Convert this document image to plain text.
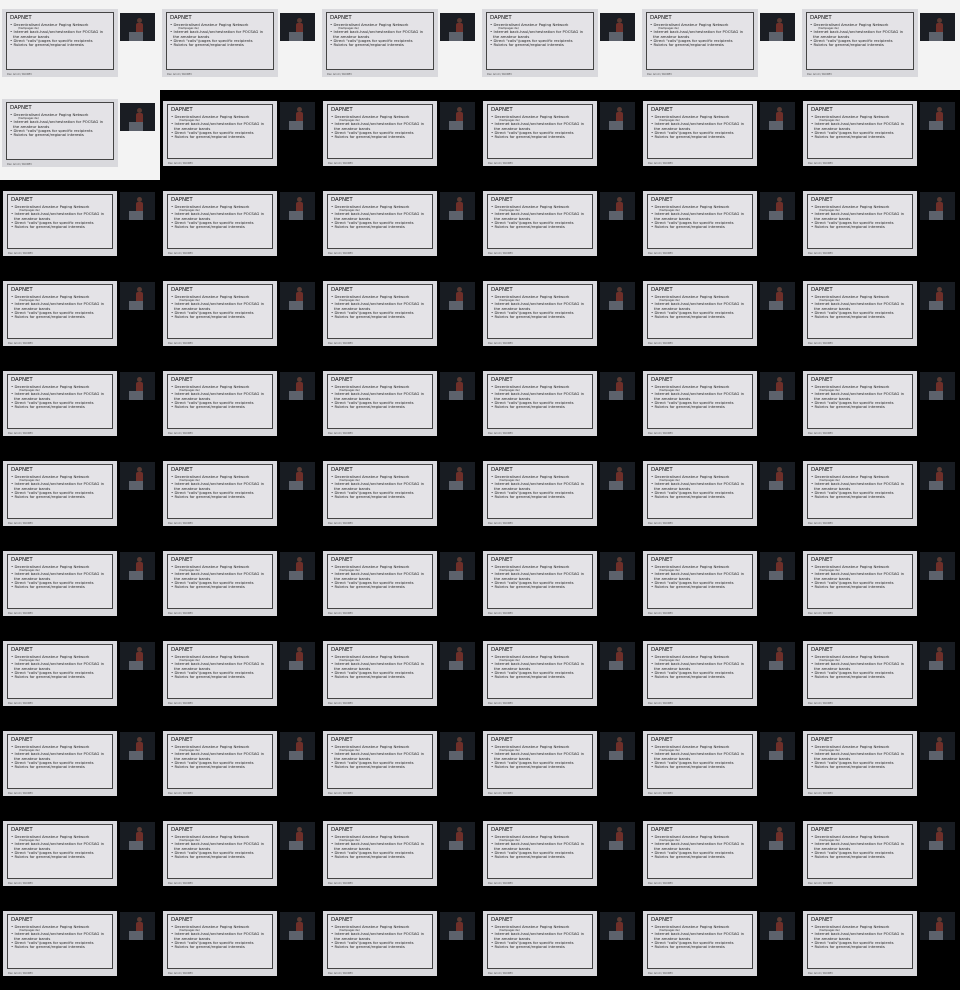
DAPNET

• Decentralised Amateur Paging Network

(hampager.de)

• Internet back-haul/orchestration for POCSAG in

the amateur bands

• Direct "calls"/pages for specific recipients

• Rubrics for general/regional interests

Dan Arnot / PA0DEV

DAPNET

• Decentralised Amateur Paging Network

(hampager.de)

• Internet back-haul/orchestration for POCSAG in

the amateur bands

• Direct "calls"/pages for specific recipients

• Rubrics for general/regional interests

Dan Arnot / PA0DEV

DAPNET

• Decentralised Amateur Paging Network

(hampager.de)

• Internet back-haul/orchestration for POCSAG in

the amateur bands

• Direct "calls"/pages for specific recipients

• Rubrics for general/regional interests

Dan Arnot / PA0DEV

DAPNET

• Decentralised Amateur Paging Network

(hampager.de)

• Internet back-haul/orchestration for POCSAG in

the amateur bands

• Direct "calls"/pages for specific recipients

• Rubrics for general/regional interests

Dan Arnot / PA0DEV

DAPNET

• Decentralised Amateur Paging Network

(hampager.de)

• Internet back-haul/orchestration for POCSAG in

the amateur bands

• Direct "calls"/pages for specific recipients

• Rubrics for general/regional interests

Dan Arnot / PA0DEV

DAPNET

• Decentralised Amateur Paging Network

(hampager.de)

• Internet back-haul/orchestration for POCSAG in

the amateur bands

• Direct "calls"/pages for specific recipients

• Rubrics for general/regional interests

Dan Arnot / PA0DEV

DAPNET

• Decentralised Amateur Paging Network

(hampager.de)

• Internet back-haul/orchestration for POCSAG in

the amateur bands

• Direct "calls"/pages for specific recipients

• Rubrics for general/regional interests

Dan Arnot / PA0DEV

DAPNET

• Decentralised Amateur Paging Network

(hampager.de)

• Internet back-haul/orchestration for POCSAG in

the amateur bands

• Direct "calls"/pages for specific recipients

• Rubrics for general/regional interests

Dan Arnot / PA0DEV

DAPNET

• Decentralised Amateur Paging Network

(hampager.de)

• Internet back-haul/orchestration for POCSAG in

the amateur bands

• Direct "calls"/pages for specific recipients

• Rubrics for general/regional interests

Dan Arnot / PA0DEV

DAPNET

• Decentralised Amateur Paging Network

(hampager.de)

• Internet back-haul/orchestration for POCSAG in

the amateur bands

• Direct "calls"/pages for specific recipients

• Rubrics for general/regional interests

Dan Arnot / PA0DEV

DAPNET

• Decentralised Amateur Paging Network

(hampager.de)

• Internet back-haul/orchestration for POCSAG in

the amateur bands

• Direct "calls"/pages for specific recipients

• Rubrics for general/regional interests

Dan Arnot / PA0DEV

DAPNET

• Decentralised Amateur Paging Network

(hampager.de)

• Internet back-haul/orchestration for POCSAG in

the amateur bands

• Direct "calls"/pages for specific recipients

• Rubrics for general/regional interests

Dan Arnot / PA0DEV

DAPNET

• Decentralised Amateur Paging Network

(hampager.de)

• Internet back-haul/orchestration for POCSAG in

the amateur bands

• Direct "calls"/pages for specific recipients

• Rubrics for general/regional interests

Dan Arnot / PA0DEV

DAPNET

• Decentralised Amateur Paging Network

(hampager.de)

• Internet back-haul/orchestration for POCSAG in

the amateur bands

• Direct "calls"/pages for specific recipients

• Rubrics for general/regional interests

Dan Arnot / PA0DEV

DAPNET

• Decentralised Amateur Paging Network

(hampager.de)

• Internet back-haul/orchestration for POCSAG in

the amateur bands

• Direct "calls"/pages for specific recipients

• Rubrics for general/regional interests

Dan Arnot / PA0DEV

DAPNET

• Decentralised Amateur Paging Network

(hampager.de)

• Internet back-haul/orchestration for POCSAG in

the amateur bands

• Direct "calls"/pages for specific recipients

• Rubrics for general/regional interests

Dan Arnot / PA0DEV

DAPNET

• Decentralised Amateur Paging Network

(hampager.de)

• Internet back-haul/orchestration for POCSAG in

the amateur bands

• Direct "calls"/pages for specific recipients

• Rubrics for general/regional interests

Dan Arnot / PA0DEV

DAPNET

• Decentralised Amateur Paging Network

(hampager.de)

• Internet back-haul/orchestration for POCSAG in

the amateur bands

• Direct "calls"/pages for specific recipients

• Rubrics for general/regional interests

Dan Arnot / PA0DEV

DAPNET

• Decentralised Amateur Paging Network

(hampager.de)

• Internet back-haul/orchestration for POCSAG in

the amateur bands

• Direct "calls"/pages for specific recipients

• Rubrics for general/regional interests

Dan Arnot / PA0DEV

DAPNET

• Decentralised Amateur Paging Network

(hampager.de)

• Internet back-haul/orchestration for POCSAG in

the amateur bands

• Direct "calls"/pages for specific recipients

• Rubrics for general/regional interests

Dan Arnot / PA0DEV

DAPNET

• Decentralised Amateur Paging Network

(hampager.de)

• Internet back-haul/orchestration for POCSAG in

the amateur bands

• Direct "calls"/pages for specific recipients

• Rubrics for general/regional interests

Dan Arnot / PA0DEV

DAPNET

• Decentralised Amateur Paging Network

(hampager.de)

• Internet back-haul/orchestration for POCSAG in

the amateur bands

• Direct "calls"/pages for specific recipients

• Rubrics for general/regional interests

Dan Arnot / PA0DEV

DAPNET

• Decentralised Amateur Paging Network

(hampager.de)

• Internet back-haul/orchestration for POCSAG in

the amateur bands

• Direct "calls"/pages for specific recipients

• Rubrics for general/regional interests

Dan Arnot / PA0DEV

DAPNET

• Decentralised Amateur Paging Network

(hampager.de)

• Internet back-haul/orchestration for POCSAG in

the amateur bands

• Direct "calls"/pages for specific recipients

• Rubrics for general/regional interests

Dan Arnot / PA0DEV

DAPNET

• Decentralised Amateur Paging Network

(hampager.de)

• Internet back-haul/orchestration for POCSAG in

the amateur bands

• Direct "calls"/pages for specific recipients

• Rubrics for general/regional interests

Dan Arnot / PA0DEV

DAPNET

• Decentralised Amateur Paging Network

(hampager.de)

• Internet back-haul/orchestration for POCSAG in

the amateur bands

• Direct "calls"/pages for specific recipients

• Rubrics for general/regional interests

Dan Arnot / PA0DEV

DAPNET

• Decentralised Amateur Paging Network

(hampager.de)

• Internet back-haul/orchestration for POCSAG in

the amateur bands

• Direct "calls"/pages for specific recipients

• Rubrics for general/regional interests

Dan Arnot / PA0DEV

DAPNET

• Decentralised Amateur Paging Network

(hampager.de)

• Internet back-haul/orchestration for POCSAG in

the amateur bands

• Direct "calls"/pages for specific recipients

• Rubrics for general/regional interests

Dan Arnot / PA0DEV

DAPNET

• Decentralised Amateur Paging Network

(hampager.de)

• Internet back-haul/orchestration for POCSAG in

the amateur bands

• Direct "calls"/pages for specific recipients

• Rubrics for general/regional interests

Dan Arnot / PA0DEV

DAPNET

• Decentralised Amateur Paging Network

(hampager.de)

• Internet back-haul/orchestration for POCSAG in

the amateur bands

• Direct "calls"/pages for specific recipients

• Rubrics for general/regional interests

Dan Arnot / PA0DEV

DAPNET

• Decentralised Amateur Paging Network

(hampager.de)

• Internet back-haul/orchestration for POCSAG in

the amateur bands

• Direct "calls"/pages for specific recipients

• Rubrics for general/regional interests

Dan Arnot / PA0DEV

DAPNET

• Decentralised Amateur Paging Network

(hampager.de)

• Internet back-haul/orchestration for POCSAG in

the amateur bands

• Direct "calls"/pages for specific recipients

• Rubrics for general/regional interests

Dan Arnot / PA0DEV

DAPNET

• Decentralised Amateur Paging Network

(hampager.de)

• Internet back-haul/orchestration for POCSAG in

the amateur bands

• Direct "calls"/pages for specific recipients

• Rubrics for general/regional interests

Dan Arnot / PA0DEV

DAPNET

• Decentralised Amateur Paging Network

(hampager.de)

• Internet back-haul/orchestration for POCSAG in

the amateur bands

• Direct "calls"/pages for specific recipients

• Rubrics for general/regional interests

Dan Arnot / PA0DEV

DAPNET

• Decentralised Amateur Paging Network

(hampager.de)

• Internet back-haul/orchestration for POCSAG in

the amateur bands

• Direct "calls"/pages for specific recipients

• Rubrics for general/regional interests

Dan Arnot / PA0DEV

DAPNET

• Decentralised Amateur Paging Network

(hampager.de)

• Internet back-haul/orchestration for POCSAG in

the amateur bands

• Direct "calls"/pages for specific recipients

• Rubrics for general/regional interests

Dan Arnot / PA0DEV

DAPNET

• Decentralised Amateur Paging Network

(hampager.de)

• Internet back-haul/orchestration for POCSAG in

the amateur bands

• Direct "calls"/pages for specific recipients

• Rubrics for general/regional interests

Dan Arnot / PA0DEV

DAPNET

• Decentralised Amateur Paging Network

(hampager.de)

• Internet back-haul/orchestration for POCSAG in

the amateur bands

• Direct "calls"/pages for specific recipients

• Rubrics for general/regional interests

Dan Arnot / PA0DEV

DAPNET

• Decentralised Amateur Paging Network

(hampager.de)

• Internet back-haul/orchestration for POCSAG in

the amateur bands

• Direct "calls"/pages for specific recipients

• Rubrics for general/regional interests

Dan Arnot / PA0DEV

DAPNET

• Decentralised Amateur Paging Network

(hampager.de)

• Internet back-haul/orchestration for POCSAG in

the amateur bands

• Direct "calls"/pages for specific recipients

• Rubrics for general/regional interests

Dan Arnot / PA0DEV

DAPNET

• Decentralised Amateur Paging Network

(hampager.de)

• Internet back-haul/orchestration for POCSAG in

the amateur bands

• Direct "calls"/pages for specific recipients

• Rubrics for general/regional interests

Dan Arnot / PA0DEV

DAPNET

• Decentralised Amateur Paging Network

(hampager.de)

• Internet back-haul/orchestration for POCSAG in

the amateur bands

• Direct "calls"/pages for specific recipients

• Rubrics for general/regional interests

Dan Arnot / PA0DEV

DAPNET

• Decentralised Amateur Paging Network

(hampager.de)

• Internet back-haul/orchestration for POCSAG in

the amateur bands

• Direct "calls"/pages for specific recipients

• Rubrics for general/regional interests

Dan Arnot / PA0DEV

DAPNET

• Decentralised Amateur Paging Network

(hampager.de)

• Internet back-haul/orchestration for POCSAG in

the amateur bands

• Direct "calls"/pages for specific recipients

• Rubrics for general/regional interests

Dan Arnot / PA0DEV

DAPNET

• Decentralised Amateur Paging Network

(hampager.de)

• Internet back-haul/orchestration for POCSAG in

the amateur bands

• Direct "calls"/pages for specific recipients

• Rubrics for general/regional interests

Dan Arnot / PA0DEV

DAPNET

• Decentralised Amateur Paging Network

(hampager.de)

• Internet back-haul/orchestration for POCSAG in

the amateur bands

• Direct "calls"/pages for specific recipients

• Rubrics for general/regional interests

Dan Arnot / PA0DEV

DAPNET

• Decentralised Amateur Paging Network

(hampager.de)

• Internet back-haul/orchestration for POCSAG in

the amateur bands

• Direct "calls"/pages for specific recipients

• Rubrics for general/regional interests

Dan Arnot / PA0DEV

DAPNET

• Decentralised Amateur Paging Network

(hampager.de)

• Internet back-haul/orchestration for POCSAG in

the amateur bands

• Direct "calls"/pages for specific recipients

• Rubrics for general/regional interests

Dan Arnot / PA0DEV

DAPNET

• Decentralised Amateur Paging Network

(hampager.de)

• Internet back-haul/orchestration for POCSAG in

the amateur bands

• Direct "calls"/pages for specific recipients

• Rubrics for general/regional interests

Dan Arnot / PA0DEV

DAPNET

• Decentralised Amateur Paging Network

(hampager.de)

• Internet back-haul/orchestration for POCSAG in

the amateur bands

• Direct "calls"/pages for specific recipients

• Rubrics for general/regional interests

Dan Arnot / PA0DEV

DAPNET

• Decentralised Amateur Paging Network

(hampager.de)

• Internet back-haul/orchestration for POCSAG in

the amateur bands

• Direct "calls"/pages for specific recipients

• Rubrics for general/regional interests

Dan Arnot / PA0DEV

DAPNET

• Decentralised Amateur Paging Network

(hampager.de)

• Internet back-haul/orchestration for POCSAG in

the amateur bands

• Direct "calls"/pages for specific recipients

• Rubrics for general/regional interests

Dan Arnot / PA0DEV

DAPNET

• Decentralised Amateur Paging Network

(hampager.de)

• Internet back-haul/orchestration for POCSAG in

the amateur bands

• Direct "calls"/pages for specific recipients

• Rubrics for general/regional interests

Dan Arnot / PA0DEV

DAPNET

• Decentralised Amateur Paging Network

(hampager.de)

• Internet back-haul/orchestration for POCSAG in

the amateur bands

• Direct "calls"/pages for specific recipients

• Rubrics for general/regional interests

Dan Arnot / PA0DEV

DAPNET

• Decentralised Amateur Paging Network

(hampager.de)

• Internet back-haul/orchestration for POCSAG in

the amateur bands

• Direct "calls"/pages for specific recipients

• Rubrics for general/regional interests

Dan Arnot / PA0DEV

DAPNET

• Decentralised Amateur Paging Network

(hampager.de)

• Internet back-haul/orchestration for POCSAG in

the amateur bands

• Direct "calls"/pages for specific recipients

• Rubrics for general/regional interests

Dan Arnot / PA0DEV

DAPNET

• Decentralised Amateur Paging Network

(hampager.de)

• Internet back-haul/orchestration for POCSAG in

the amateur bands

• Direct "calls"/pages for specific recipients

• Rubrics for general/regional interests

Dan Arnot / PA0DEV

DAPNET

• Decentralised Amateur Paging Network

(hampager.de)

• Internet back-haul/orchestration for POCSAG in

the amateur bands

• Direct "calls"/pages for specific recipients

• Rubrics for general/regional interests

Dan Arnot / PA0DEV

DAPNET

• Decentralised Amateur Paging Network

(hampager.de)

• Internet back-haul/orchestration for POCSAG in

the amateur bands

• Direct "calls"/pages for specific recipients

• Rubrics for general/regional interests

Dan Arnot / PA0DEV

DAPNET

• Decentralised Amateur Paging Network

(hampager.de)

• Internet back-haul/orchestration for POCSAG in

the amateur bands

• Direct "calls"/pages for specific recipients

• Rubrics for general/regional interests

Dan Arnot / PA0DEV

DAPNET

• Decentralised Amateur Paging Network

(hampager.de)

• Internet back-haul/orchestration for POCSAG in

the amateur bands

• Direct "calls"/pages for specific recipients

• Rubrics for general/regional interests

Dan Arnot / PA0DEV

DAPNET

• Decentralised Amateur Paging Network

(hampager.de)

• Internet back-haul/orchestration for POCSAG in

the amateur bands

• Direct "calls"/pages for specific recipients

• Rubrics for general/regional interests

Dan Arnot / PA0DEV

DAPNET

• Decentralised Amateur Paging Network

(hampager.de)

• Internet back-haul/orchestration for POCSAG in

the amateur bands

• Direct "calls"/pages for specific recipients

• Rubrics for general/regional interests

Dan Arnot / PA0DEV

DAPNET

• Decentralised Amateur Paging Network

(hampager.de)

• Internet back-haul/orchestration for POCSAG in

the amateur bands

• Direct "calls"/pages for specific recipients

• Rubrics for general/regional interests

Dan Arnot / PA0DEV

DAPNET

• Decentralised Amateur Paging Network

(hampager.de)

• Internet back-haul/orchestration for POCSAG in

the amateur bands

• Direct "calls"/pages for specific recipients

• Rubrics for general/regional interests

Dan Arnot / PA0DEV

DAPNET

• Decentralised Amateur Paging Network

(hampager.de)

• Internet back-haul/orchestration for POCSAG in

the amateur bands

• Direct "calls"/pages for specific recipients

• Rubrics for general/regional interests

Dan Arnot / PA0DEV
